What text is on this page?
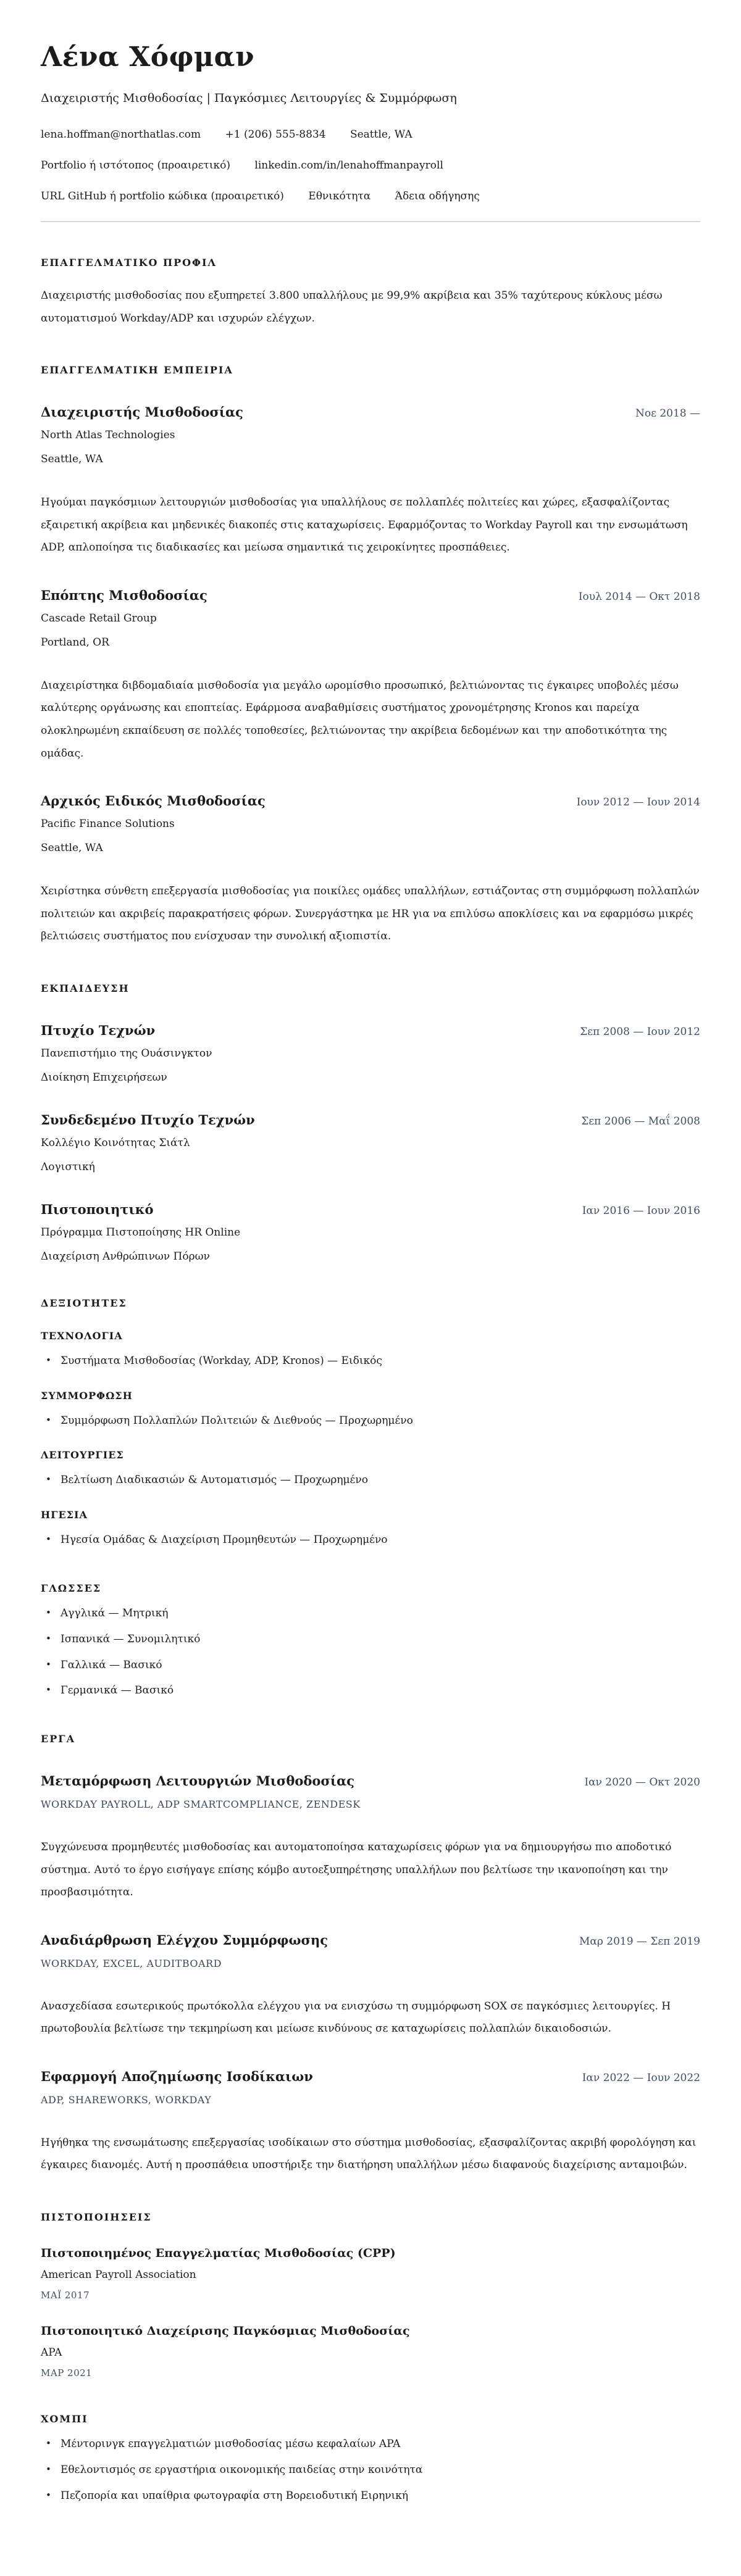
Λένα Χόφμαν
Διαχειριστής Μισθοδοσίας | Παγκόσμιες Λειτουργίες & Συμμόρφωση
lena.hoffman@northatlas.com +1 (206) 555-8834 Seattle, WA
Portfolio ή ιστότοπος (προαιρετικό) linkedin.com/in/lenahoffmanpayroll
URL GitHub ή portfolio κώδικα (προαιρετικό) Εθνικότητα Άδεια οδήγησης
ΕΠΑΓΓΕΛΜΑΤΙΚΟ ΠΡΟΦΙΛ

Διαχειριστής μισθοδοσίας που εξυπηρετεί 3.800 υπαλλήλους με 99,9% ακρίβεια και 35% ταχύτερους κύκλους μέσω αυτοματισμού Workday/ADP και ισχυρών ελέγχων.

ΕΠΑΓΓΕΛΜΑΤΙΚΗ ΕΜΠΕΙΡΙΑ
Διαχειριστής Μισθοδοσίας	Νοε 2018 —
North Atlas Technologies
Seattle, WA

Ηγούμαι παγκόσμιων λειτουργιών μισθοδοσίας για υπαλλήλους σε πολλαπλές πολιτείες και χώρες, εξασφαλίζοντας εξαιρετική ακρίβεια και μηδενικές διακοπές στις καταχωρίσεις. Εφαρμόζοντας το Workday Payroll και την ενσωμάτωση ADP, απλοποίησα τις διαδικασίες και μείωσα σημαντικά τις χειροκίνητες προσπάθειες.

Επόπτης Μισθοδοσίας	Ιουλ 2014 — Οκτ 2018
Cascade Retail Group
Portland, OR

Διαχειρίστηκα διβδομαδιαία μισθοδοσία για μεγάλο ωρομίσθιο προσωπικό, βελτιώνοντας τις έγκαιρες υποβολές μέσω καλύτερης οργάνωσης και εποπτείας. Εφάρμοσα αναβαθμίσεις συστήματος χρονομέτρησης Kronos και παρείχα ολοκληρωμένη εκπαίδευση σε πολλές τοποθεσίες, βελτιώνοντας την ακρίβεια δεδομένων και την αποδοτικότητα της ομάδας.

Αρχικός Ειδικός Μισθοδοσίας	Ιουν 2012 — Ιουν 2014
Pacific Finance Solutions
Seattle, WA

Χειρίστηκα σύνθετη επεξεργασία μισθοδοσίας για ποικίλες ομάδες υπαλλήλων, εστιάζοντας στη συμμόρφωση πολλαπλών πολιτειών και ακριβείς παρακρατήσεις φόρων. Συνεργάστηκα με HR για να επιλύσω αποκλίσεις και να εφαρμόσω μικρές βελτιώσεις συστήματος που ενίσχυσαν την συνολική αξιοπιστία.

ΕΚΠΑΙΔΕΥΣΗ
Πτυχίο Τεχνών	Σεπ 2008 — Ιουν 2012
Πανεπιστήμιο της Ουάσινγκτον
Διοίκηση Επιχειρήσεων
Συνδεδεμένο Πτυχίο Τεχνών	Σεπ 2006 — Μαΐ 2008
Κολλέγιο Κοινότητας Σιάτλ
Λογιστική
Πιστοποιητικό	Ιαν 2016 — Ιουν 2016
Πρόγραμμα Πιστοποίησης HR Online
Διαχείριση Ανθρώπινων Πόρων
ΔΕΞΙΟΤΗΤΕΣ
ΤΕΧΝΟΛΟΓΙΑ
• Συστήματα Μισθοδοσίας (Workday, ADP, Kronos) — Ειδικός
ΣΥΜΜΟΡΦΩΣΗ
• Συμμόρφωση Πολλαπλών Πολιτειών & Διεθνούς — Προχωρημένο
ΛΕΙΤΟΥΡΓΙΕΣ
• Βελτίωση Διαδικασιών & Αυτοματισμός — Προχωρημένο
ΗΓΕΣΙΑ
• Ηγεσία Ομάδας & Διαχείριση Προμηθευτών — Προχωρημένο
ΓΛΩΣΣΕΣ
• Αγγλικά — Μητρική
• Ισπανικά — Συνομιλητικό
• Γαλλικά — Βασικό
• Γερμανικά — Βασικό
ΕΡΓΑ
Μεταμόρφωση Λειτουργιών Μισθοδοσίας	Ιαν 2020 — Οκτ 2020
WORKDAY PAYROLL, ADP SMARTCOMPLIANCE, ZENDESK

Συγχώνευσα προμηθευτές μισθοδοσίας και αυτοματοποίησα καταχωρίσεις φόρων για να δημιουργήσω πιο αποδοτικό σύστημα. Αυτό το έργο εισήγαγε επίσης κόμβο αυτοεξυπηρέτησης υπαλλήλων που βελτίωσε την ικανοποίηση και την προσβασιμότητα.

Αναδιάρθρωση Ελέγχου Συμμόρφωσης	Μαρ 2019 — Σεπ 2019
WORKDAY, EXCEL, AUDITBOARD

Ανασχεδίασα εσωτερικούς πρωτόκολλα ελέγχου για να ενισχύσω τη συμμόρφωση SOX σε παγκόσμιες λειτουργίες. Η πρωτοβουλία βελτίωσε την τεκμηρίωση και μείωσε κινδύνους σε καταχωρίσεις πολλαπλών δικαιοδοσιών.

Εφαρμογή Αποζημίωσης Ισοδίκαιων	Ιαν 2022 — Ιουν 2022
ADP, SHAREWORKS, WORKDAY

Ηγήθηκα της ενσωμάτωσης επεξεργασίας ισοδίκαιων στο σύστημα μισθοδοσίας, εξασφαλίζοντας ακριβή φορολόγηση και έγκαιρες διανομές. Αυτή η προσπάθεια υποστήριξε την διατήρηση υπαλλήλων μέσω διαφανούς διαχείρισης ανταμοιβών.

ΠΙΣΤΟΠΟΙΗΣΕΙΣ
Πιστοποιημένος Επαγγελματίας Μισθοδοσίας (CPP)
American Payroll Association
ΜΑΪ 2017
Πιστοποιητικό Διαχείρισης Παγκόσμιας Μισθοδοσίας
APA
ΜΑΡ 2021
ΧΟΜΠΙ
• Μέντορινγκ επαγγελματιών μισθοδοσίας μέσω κεφαλαίων APA
• Εθελοντισμός σε εργαστήρια οικονομικής παιδείας στην κοινότητα
• Πεζοπορία και υπαίθρια φωτογραφία στη Βορειοδυτική Ειρηνική
